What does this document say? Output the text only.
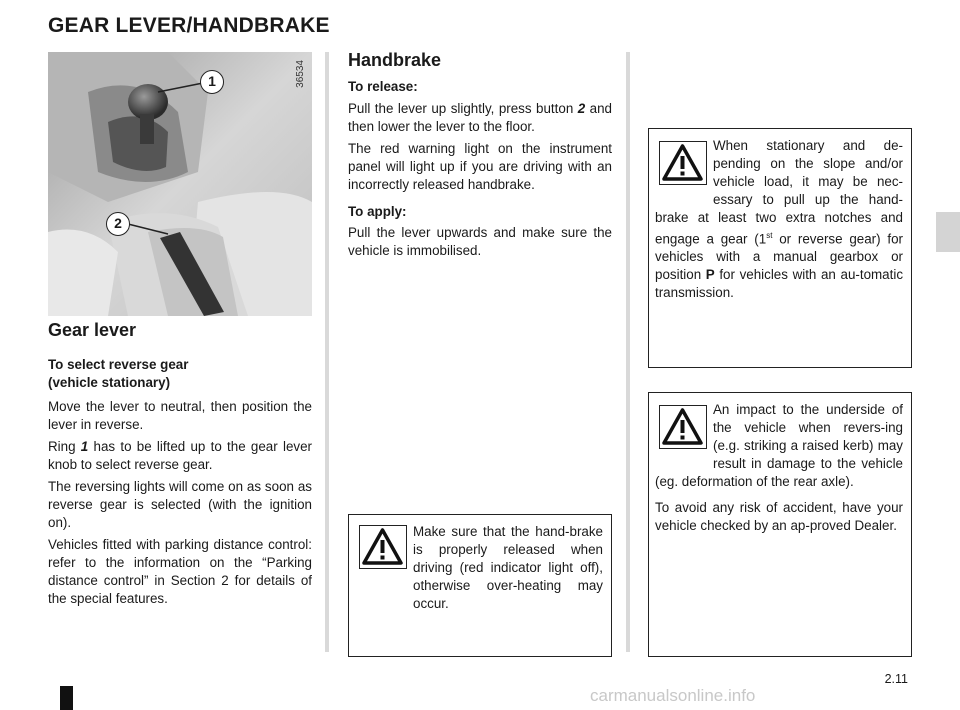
GEAR LEVER/HANDBRAKE
36534
1
2
Gear lever
To select reverse gear (vehicle stationary)
Move the lever to neutral, then position the lever in reverse.
Ring 1 has to be lifted up to the gear lever knob to select reverse gear.
The reversing lights will come on as soon as reverse gear is selected (with the ignition on).
Vehicles fitted with parking distance control: refer to the information on the “Parking distance control” in Section 2 for details of the special features.
Handbrake
To release:
Pull the lever up slightly, press button 2 and then lower the lever to the floor.
The red warning light on the instrument panel will light up if you are driving with an incorrectly released handbrake.
To apply:
Pull the lever upwards and make sure the vehicle is immobilised.
Make sure that the hand-brake is properly released when driving (red indicator light off), otherwise over-heating may occur.
When stationary and de-pending on the slope and/or vehicle load, it may be nec-essary to pull up the hand-brake at least two extra notches and engage a gear (1st or reverse gear) for vehicles with a manual gearbox or position P for vehicles with an au-tomatic transmission.
An impact to the underside of the vehicle when revers-ing (e.g. striking a raised kerb) may result in damage to the vehicle (eg. deformation of the rear axle).
To avoid any risk of accident, have your vehicle checked by an ap-proved Dealer.
2.11
carmanualsonline.info
